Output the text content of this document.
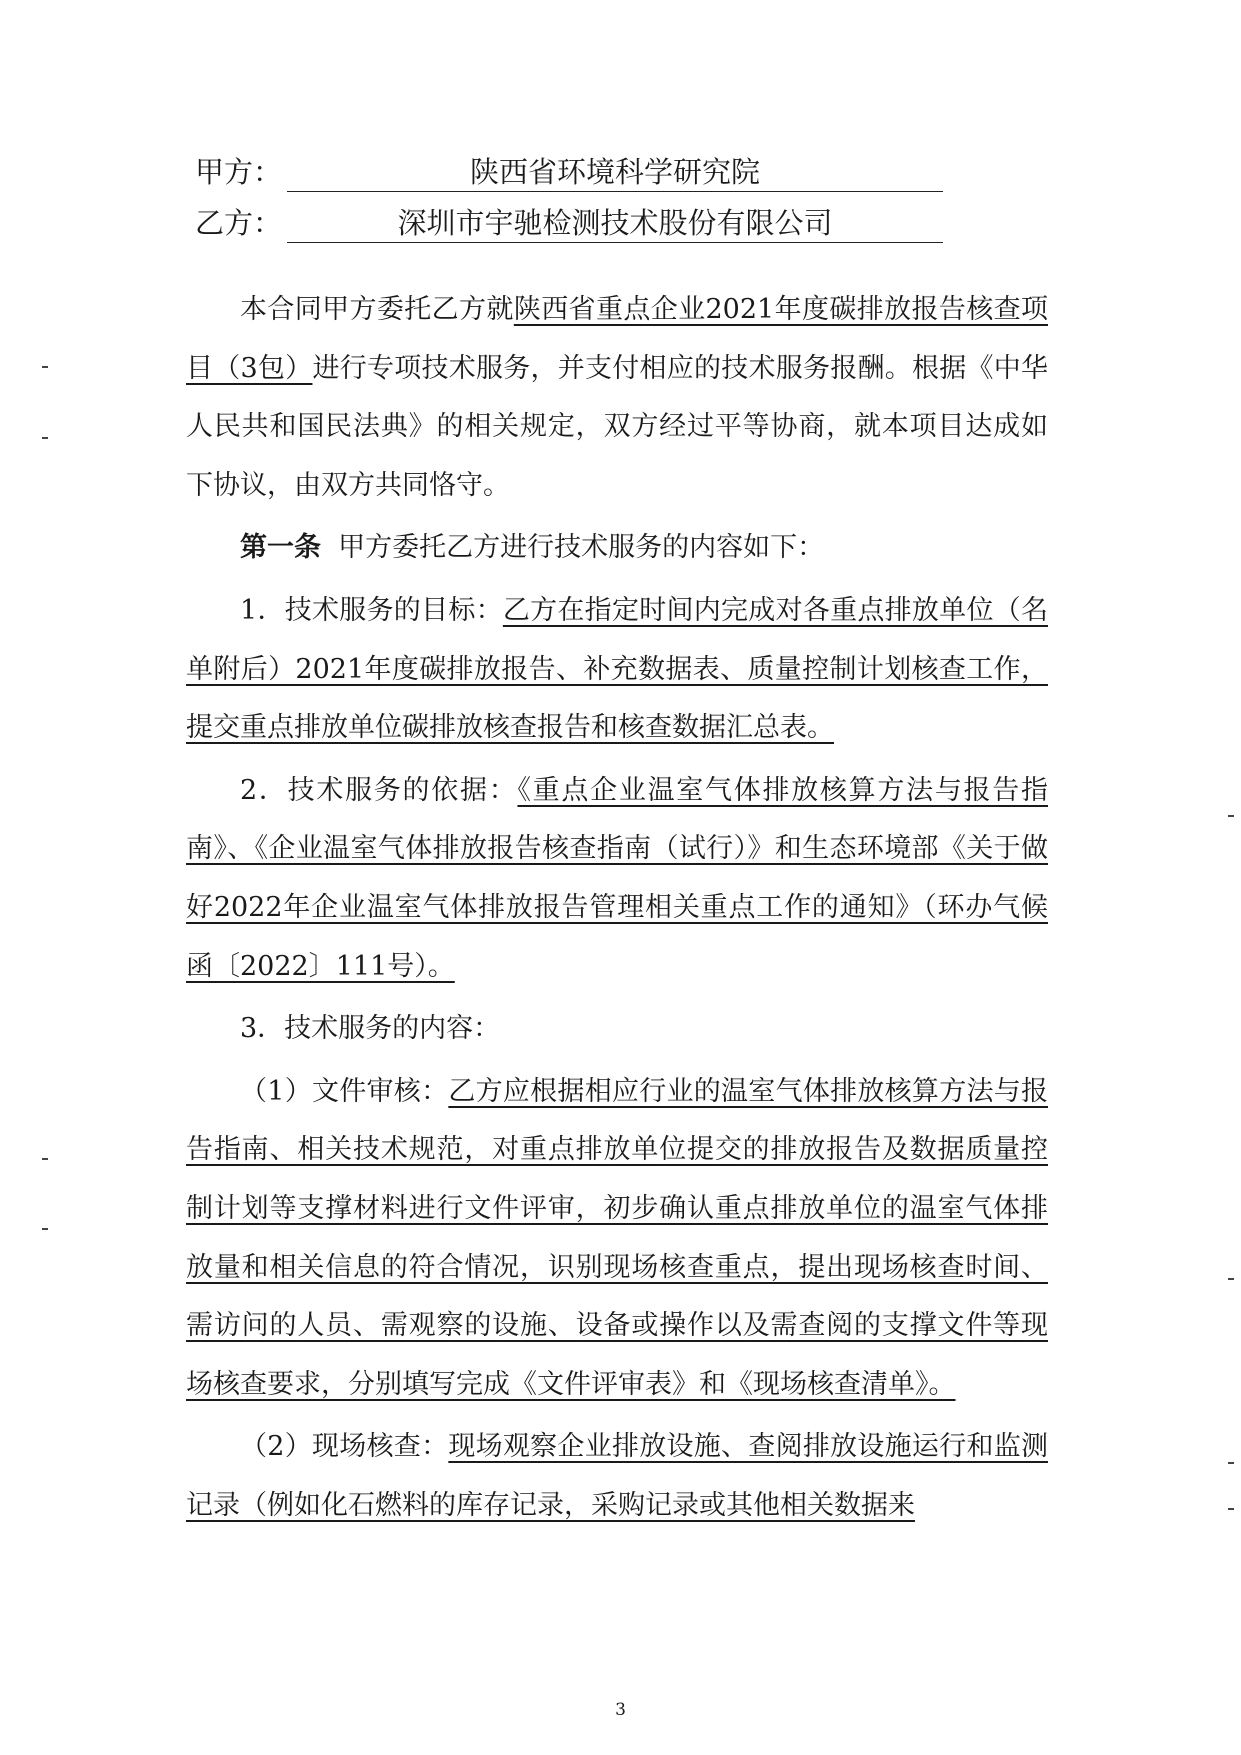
甲方：	陕西省环境科学研究院
乙方：	深圳市宇驰检测技术股份有限公司

本合同甲方委托乙方就陕西省重点企业2021年度碳排放报告核查项目（3包）进行专项技术服务，并支付相应的技术服务报酬。根据《中华人民共和国民法典》的相关规定，双方经过平等协商，就本项目达成如下协议，由双方共同恪守。

第一条 甲方委托乙方进行技术服务的内容如下：

1．技术服务的目标：乙方在指定时间内完成对各重点排放单位（名单附后）2021年度碳排放报告、补充数据表、质量控制计划核查工作，提交重点排放单位碳排放核查报告和核查数据汇总表。

2．技术服务的依据：《重点企业温室气体排放核算方法与报告指南》、《企业温室气体排放报告核查指南（试行）》和生态环境部《关于做好2022年企业温室气体排放报告管理相关重点工作的通知》（环办气候函〔2022〕111号）。

3．技术服务的内容：

（1）文件审核：乙方应根据相应行业的温室气体排放核算方法与报告指南、相关技术规范，对重点排放单位提交的排放报告及数据质量控制计划等支撑材料进行文件评审，初步确认重点排放单位的温室气体排放量和相关信息的符合情况，识别现场核查重点，提出现场核查时间、需访问的人员、需观察的设施、设备或操作以及需查阅的支撑文件等现场核查要求，分别填写完成《文件评审表》和《现场核查清单》。

（2）现场核查：现场观察企业排放设施、查阅排放设施运行和监测记录（例如化石燃料的库存记录，采购记录或其他相关数据来

3
